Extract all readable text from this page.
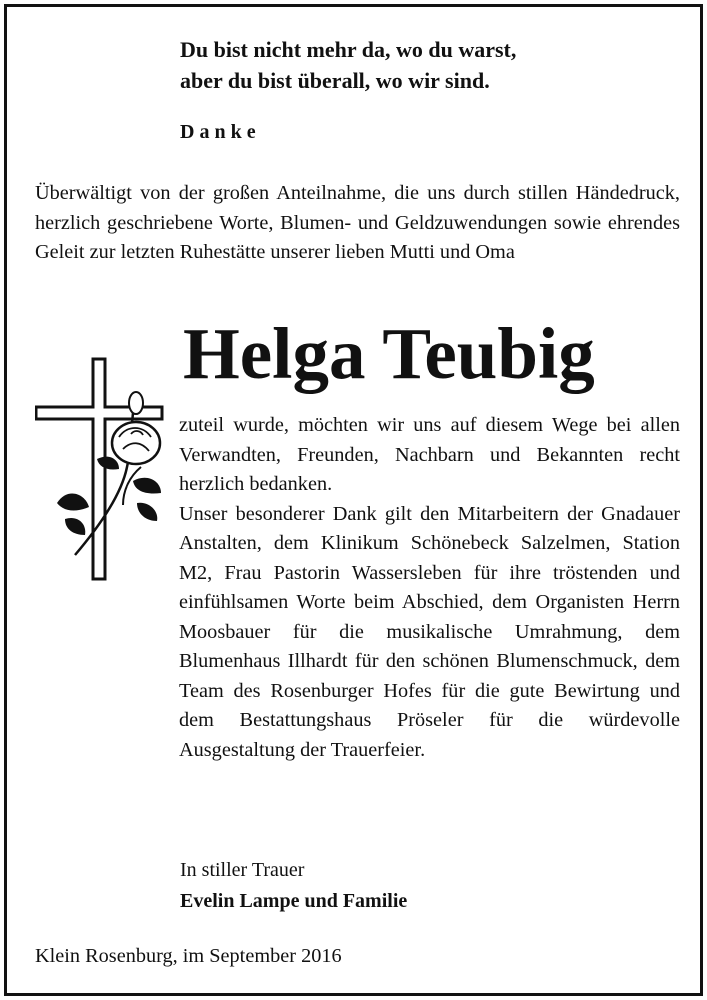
Du bist nicht mehr da, wo du warst,
aber du bist überall, wo wir sind.
Danke
Überwältigt von der großen Anteilnahme, die uns durch stillen Händedruck, herzlich geschriebene Worte, Blumen- und Geldzuwendungen sowie ehrendes Geleit zur letzten Ruhestätte unserer lieben Mutti und Oma
Helga Teubig

zuteil wurde, möchten wir uns auf diesem Wege bei allen Verwandten, Freunden, Nachbarn und Bekannten recht herzlich bedanken.

Unser besonderer Dank gilt den Mitarbeitern der Gnadauer Anstalten, dem Klinikum Schönebeck Salzelmen, Station M2, Frau Pastorin Wassersleben für ihre tröstenden und einfühlsamen Worte beim Abschied, dem Organisten Herrn Moosbauer für die musikalische Umrahmung, dem Blumenhaus Illhardt für den schönen Blumenschmuck, dem Team des Rosenburger Hofes für die gute Bewirtung und dem Bestattungshaus Pröseler für die würdevolle Ausgestaltung der Trauerfeier.

In stiller Trauer
Evelin Lampe und Familie
Klein Rosenburg, im September 2016
